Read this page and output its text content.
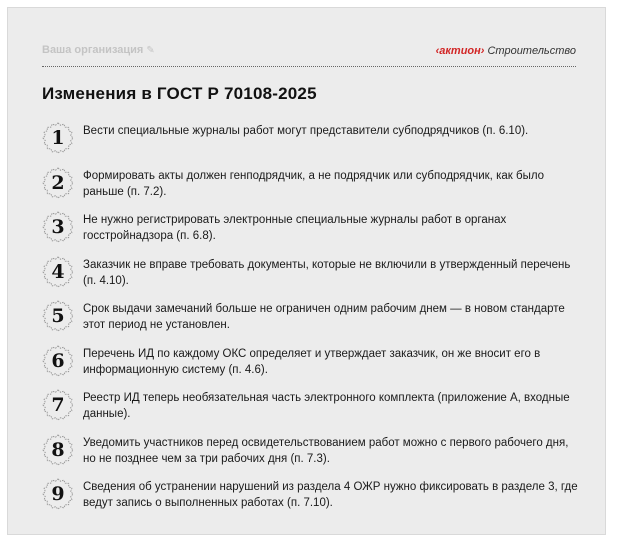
Ваша организация ✎	‹актион› Строительство
Изменения в ГОСТ Р 70108-2025
1	Вести специальные журналы работ могут представители субподрядчиков (п. 6.10).
2	Формировать акты должен генподрядчик, а не подрядчик или субподрядчик, как было раньше (п. 7.2).
3	Не нужно регистрировать электронные специальные журналы работ в органах госстройнадзора (п. 6.8).
4	Заказчик не вправе требовать документы, которые не включили в утвержденный перечень (п. 4.10).
5	Срок выдачи замечаний больше не ограничен одним рабочим днем — в новом стандарте этот период не установлен.
6	Перечень ИД по каждому ОКС определяет и утверждает заказчик, он же вносит его в информационную систему (п. 4.6).
7	Реестр ИД теперь необязательная часть электронного комплекта (приложение А, входные данные).
8	Уведомить участников перед освидетельствованием работ можно с первого рабочего дня, но не позднее чем за три рабочих дня (п. 7.3).
9	Сведения об устранении нарушений из раздела 4 ОЖР нужно фиксировать в разделе 3, где ведут запись о выполненных работах (п. 7.10).
